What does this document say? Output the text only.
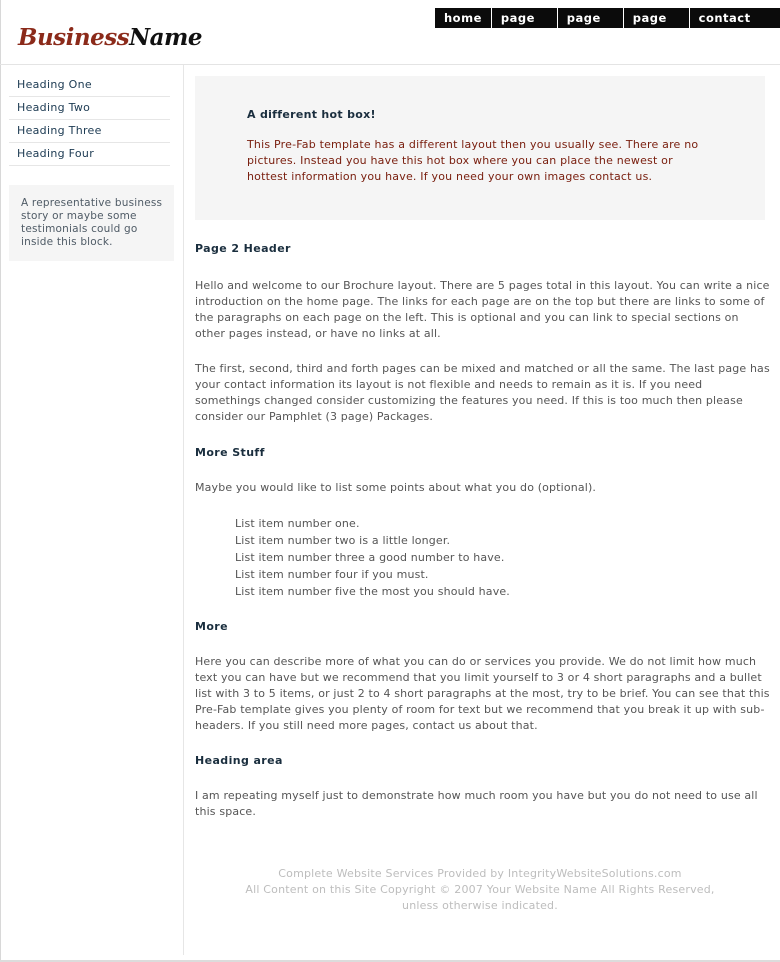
BusinessName
home	page 2
page 3
page 4
contact us
Heading One
Heading Two
Heading Three
Heading Four
A representative business story or maybe some testimonials could go inside this block.
A different hot box!

This Pre-Fab template has a different layout then you usually see. There are no pictures. Instead you have this hot box where you can place the newest or hottest information you have. If you need your own images contact us.

Page 2 Header

Hello and welcome to our Brochure layout. There are 5 pages total in this layout. You can write a nice introduction on the home page. The links for each page are on the top but there are links to some of the paragraphs on each page on the left. This is optional and you can link to special sections on other pages instead, or have no links at all.

The first, second, third and forth pages can be mixed and matched or all the same. The last page has your contact information its layout is not flexible and needs to remain as it is. If you need somethings changed consider customizing the features you need. If this is too much then please consider our Pamphlet (3 page) Packages.

More Stuff

Maybe you would like to list some points about what you do (optional).

List item number one.
List item number two is a little longer.
List item number three a good number to have.
List item number four if you must.
List item number five the most you should have.
More

Here you can describe more of what you can do or services you provide. We do not limit how much text you can have but we recommend that you limit yourself to 3 or 4 short paragraphs and a bullet list with 3 to 5 items, or just 2 to 4 short paragraphs at the most, try to be brief. You can see that this Pre-Fab template gives you plenty of room for text but we recommend that you break it up with sub-headers. If you still need more pages, contact us about that.

Heading area

I am repeating myself just to demonstrate how much room you have but you do not need to use all this space.

Complete Website Services Provided by IntegrityWebsiteSolutions.com
All Content on this Site Copyright © 2007 Your Website Name All Rights Reserved,
unless otherwise indicated.
